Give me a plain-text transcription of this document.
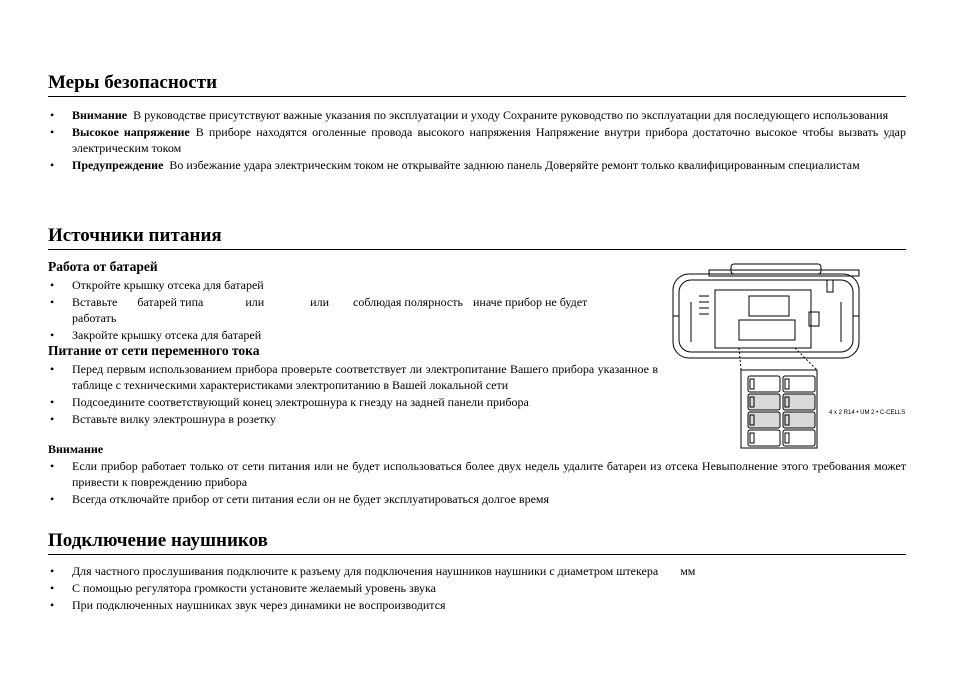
Меры безопасности
• Внимание В руководстве присутствуют важные указания по эксплуатации и уходу Сохраните руководство по эксплуатации для последующего использования
• Высокое напряжение В приборе находятся оголенные провода высокого напряжения Напряжение внутри прибора достаточно высокое чтобы вызвать удар электрическим током
• Предупреждение Во избежание удара электрическим током не открывайте заднюю панель Доверяйте ремонт только квалифицированным специалистам
Источники питания
Работа от батарей
• Откройте крышку отсека для батарей
• Вставьте батарей типа	или	или соблюдая полярность иначе прибор не будет
работать
• Закройте крышку отсека для батарей
Питание от сети переменного тока
• Перед первым использованием прибора проверьте соответствует ли электропитание Вашего прибора указанное в таблице с техническими характеристиками электропитанию в Вашей локальной сети
• Подсоедините соответствующий конец электрошнура к гнезду на задней панели прибора
• Вставьте вилку электрошнура в розетку
Внимание
• Если прибор работает только от сети питания или не будет использоваться более двух недель удалите батареи из отсека Невыполнение этого требования может привести к повреждению прибора
• Всегда отключайте прибор от сети питания если он не будет эксплуатироваться долгое время
4 x 2 R14 • UM 2 • C-CELLS
Подключение наушников
• Для частного прослушивания подключите к разъему для подключения наушников наушники с диаметром штекера мм
• С помощью регулятора громкости установите желаемый уровень звука
• При подключенных наушниках звук через динамики не воспроизводится
